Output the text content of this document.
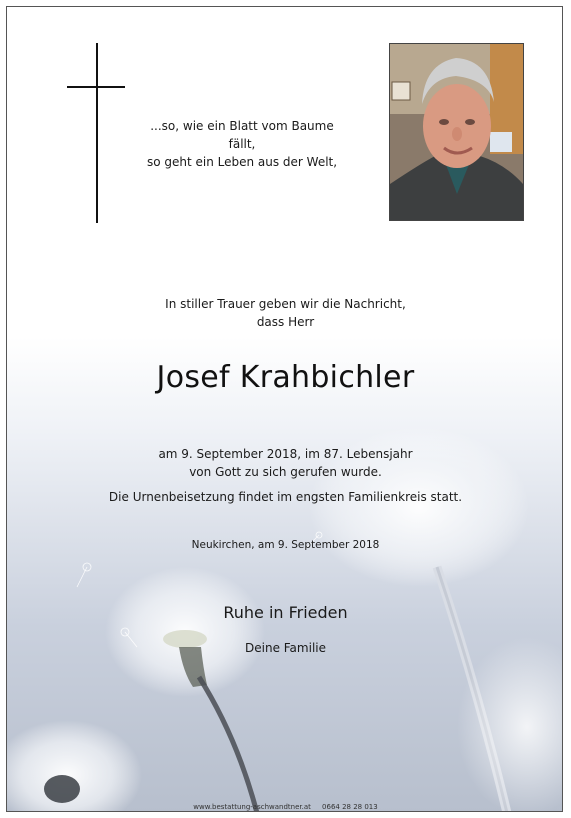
...so, wie ein Blatt vom Baume fällt,
so geht ein Leben aus der Welt,
In stiller Trauer geben wir die Nachricht,
dass Herr
Josef Krahbichler
am 9. September 2018, im 87. Lebensjahr
von Gott zu sich gerufen wurde.
Die Urnenbeisetzung findet im engsten Familienkreis statt.
Neukirchen, am 9. September 2018
Ruhe in Frieden
Deine Familie
www.bestattung-aschwandtner.at 0664 28 28 013
